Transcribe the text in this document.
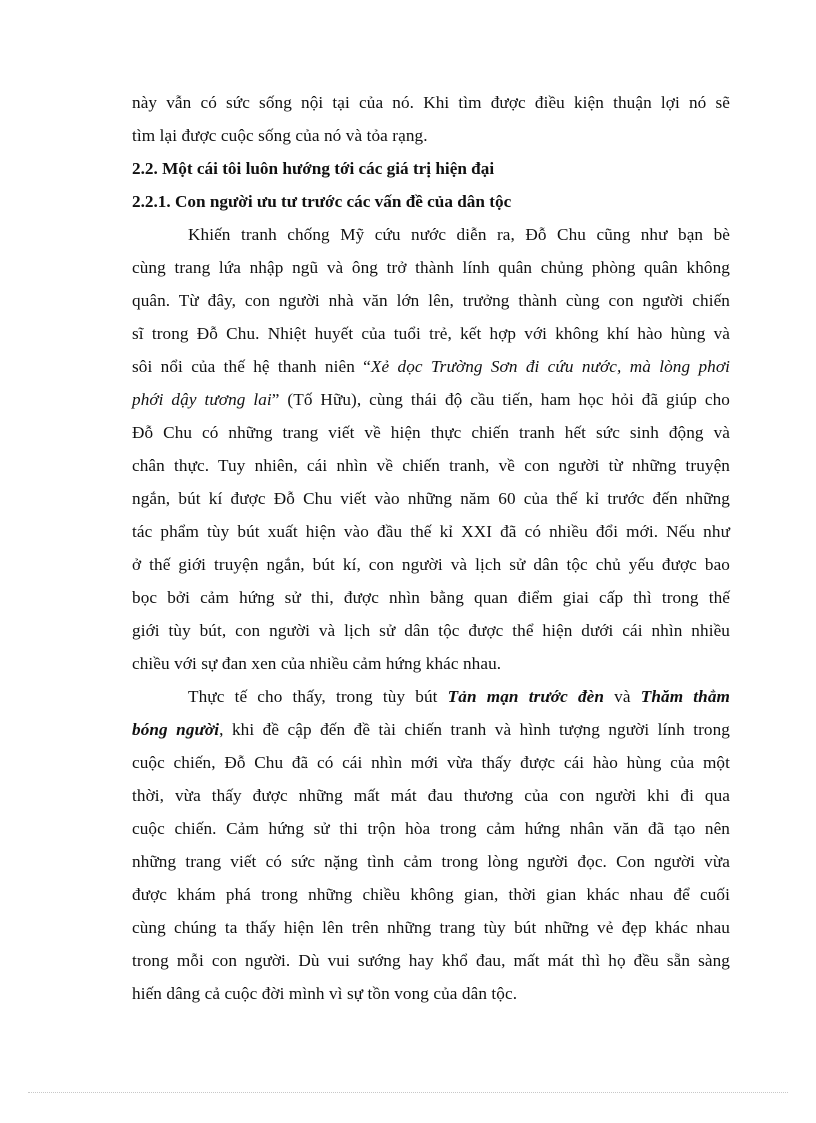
này vẫn có sức sống nội tại của nó. Khi tìm được điều kiện thuận lợi nó sẽ
tìm lại được cuộc sống của nó và tỏa rạng.
2.2. Một cái tôi luôn hướng tới các giá trị hiện đại
2.2.1. Con người ưu tư trước các vấn đề của dân tộc
Khiến tranh chống Mỹ cứu nước diễn ra, Đỗ Chu cũng như bạn bè
cùng trang lứa nhập ngũ và ông trở thành lính quân chủng phòng quân không
quân. Từ đây, con người nhà văn lớn lên, trưởng thành cùng con người chiến
sĩ trong Đỗ Chu. Nhiệt huyết của tuổi trẻ, kết hợp với không khí hào hùng và
sôi nổi của thế hệ thanh niên “Xẻ dọc Trường Sơn đi cứu nước, mà lòng phơi
phới dậy tương lai” (Tố Hữu), cùng thái độ cầu tiến, ham học hỏi đã giúp cho
Đỗ Chu có những trang viết về hiện thực chiến tranh hết sức sinh động và
chân thực. Tuy nhiên, cái nhìn về chiến tranh, về con người từ những truyện
ngắn, bút kí được Đỗ Chu viết vào những năm 60 của thế kỉ trước đến những
tác phẩm tùy bút xuất hiện vào đầu thế kỉ XXI đã có nhiều đổi mới. Nếu như
ở thế giới truyện ngắn, bút kí, con người và lịch sử dân tộc chủ yếu được bao
bọc bởi cảm hứng sử thi, được nhìn bằng quan điểm giai cấp thì trong thế
giới tùy bút, con người và lịch sử dân tộc được thể hiện dưới cái nhìn nhiều
chiều với sự đan xen của nhiều cảm hứng khác nhau.
Thực tế cho thấy, trong tùy bút Tản mạn trước đèn và Thăm thẳm
bóng người, khi đề cập đến đề tài chiến tranh và hình tượng người lính trong
cuộc chiến, Đỗ Chu đã có cái nhìn mới vừa thấy được cái hào hùng của một
thời, vừa thấy được những mất mát đau thương của con người khi đi qua
cuộc chiến. Cảm hứng sử thi trộn hòa trong cảm hứng nhân văn đã tạo nên
những trang viết có sức nặng tình cảm trong lòng người đọc. Con người vừa
được khám phá trong những chiều không gian, thời gian khác nhau để cuối
cùng chúng ta thấy hiện lên trên những trang tùy bút những vẻ đẹp khác nhau
trong mỗi con người. Dù vui sướng hay khổ đau, mất mát thì họ đều sẵn sàng
hiến dâng cả cuộc đời mình vì sự tồn vong của dân tộc.
